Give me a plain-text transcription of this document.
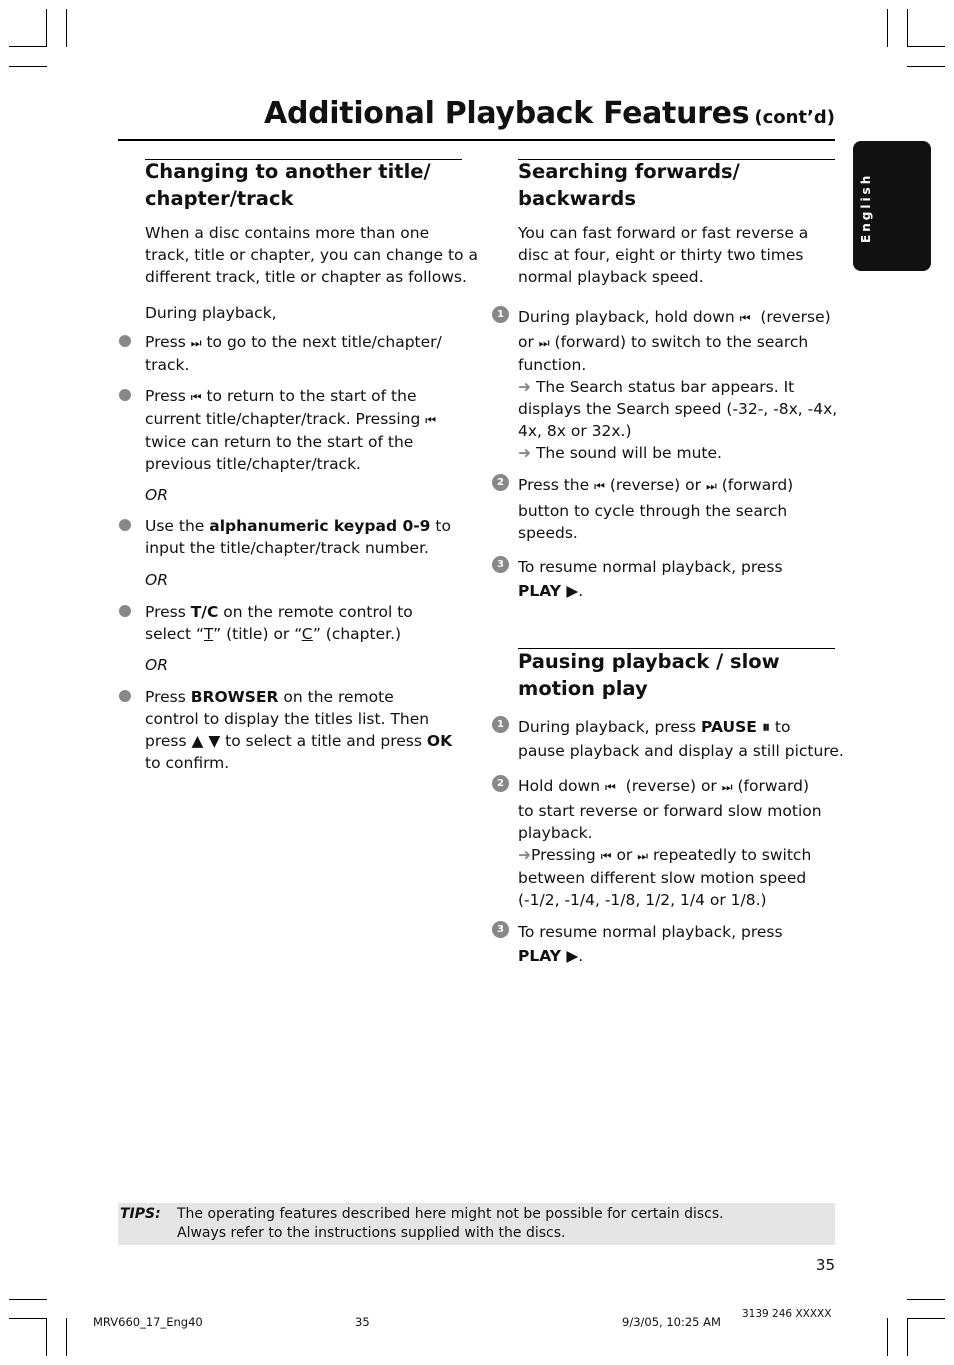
Additional Playback Features (cont’d)
English
Changing to another title/
chapter/track
When a disc contains more than one
track, title or chapter, you can change to a
different track, title or chapter as follows.
During playback,
Press ⏭ to go to the next title/chapter/
track.
Press ⏮ to return to the start of the
current title/chapter/track. Pressing ⏮
twice can return to the start of the
previous title/chapter/track.
OR
Use the alphanumeric keypad 0-9 to
input the title/chapter/track number.
OR
Press T/C on the remote control to
select “T” (title) or “C” (chapter.)
OR
Press BROWSER on the remote
control to display the titles list. Then
press ▲ ▼ to select a title and press OK
to confirm.
Searching forwards/
backwards
You can fast forward or fast reverse a
disc at four, eight or thirty two times
normal playback speed.
1 During playback, hold down ⏮ (reverse)
or ⏭ (forward) to switch to the search
function.
➜ The Search status bar appears. It
displays the Search speed (-32-, -8x, -4x,
4x, 8x or 32x.)
➜ The sound will be mute.
2 Press the ⏮ (reverse) or ⏭ (forward)
button to cycle through the search
speeds.
3 To resume normal playback, press
PLAY ▶.
Pausing playback / slow
motion play
1 During playback, press PAUSE ⏸ to
pause playback and display a still picture.
2 Hold down ⏮ (reverse) or ⏭ (forward)
to start reverse or forward slow motion
playback.
➜Pressing ⏮ or ⏭ repeatedly to switch
between different slow motion speed
(-1/2, -1/4, -1/8, 1/2, 1/4 or 1/8.)
3 To resume normal playback, press
PLAY ▶.
TIPS: The operating features described here might not be possible for certain discs.
Always refer to the instructions supplied with the discs.
35
MRV660_17_Eng40	35	9/3/05, 10:25 AM
3139 246 XXXXX
